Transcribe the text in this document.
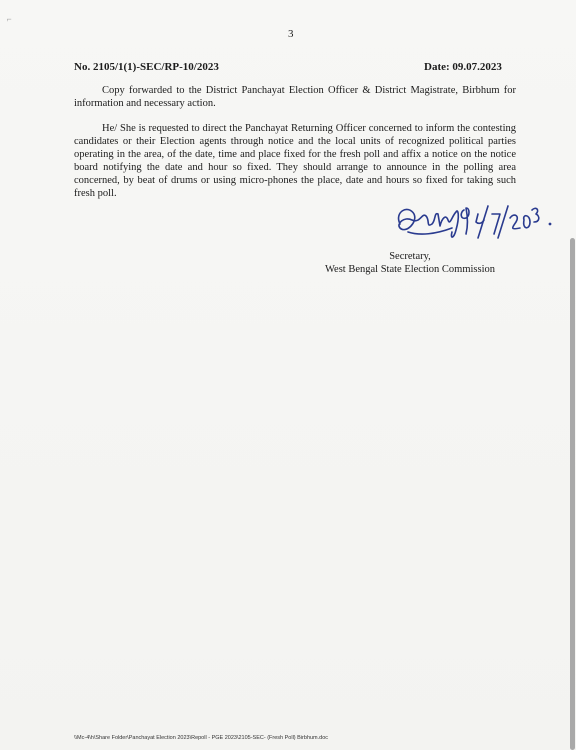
⌐
3
No. 2105/1(1)-SEC/RP-10/2023	Date: 09.07.2023

Copy forwarded to the District Panchayat Election Officer & District Magistrate, Birbhum for information and necessary action.

He/ She is requested to direct the Panchayat Returning Officer concerned to inform the contesting candidates or their Election agents through notice and the local units of recognized political parties operating in the area, of the date, time and place fixed for the fresh poll and affix a notice on the notice board notifying the date and hour so fixed. They should arrange to announce in the polling area concerned, by beat of drums or using micro-phones the place, date and hours so fixed for taking such fresh poll.

Secretary,
West Bengal State Election Commission
\\Mc-4\h\Share Folder\Panchayat Election 2023\Repoll - PGE 2023\2105-SEC- (Fresh Poll) Birbhum.doc
